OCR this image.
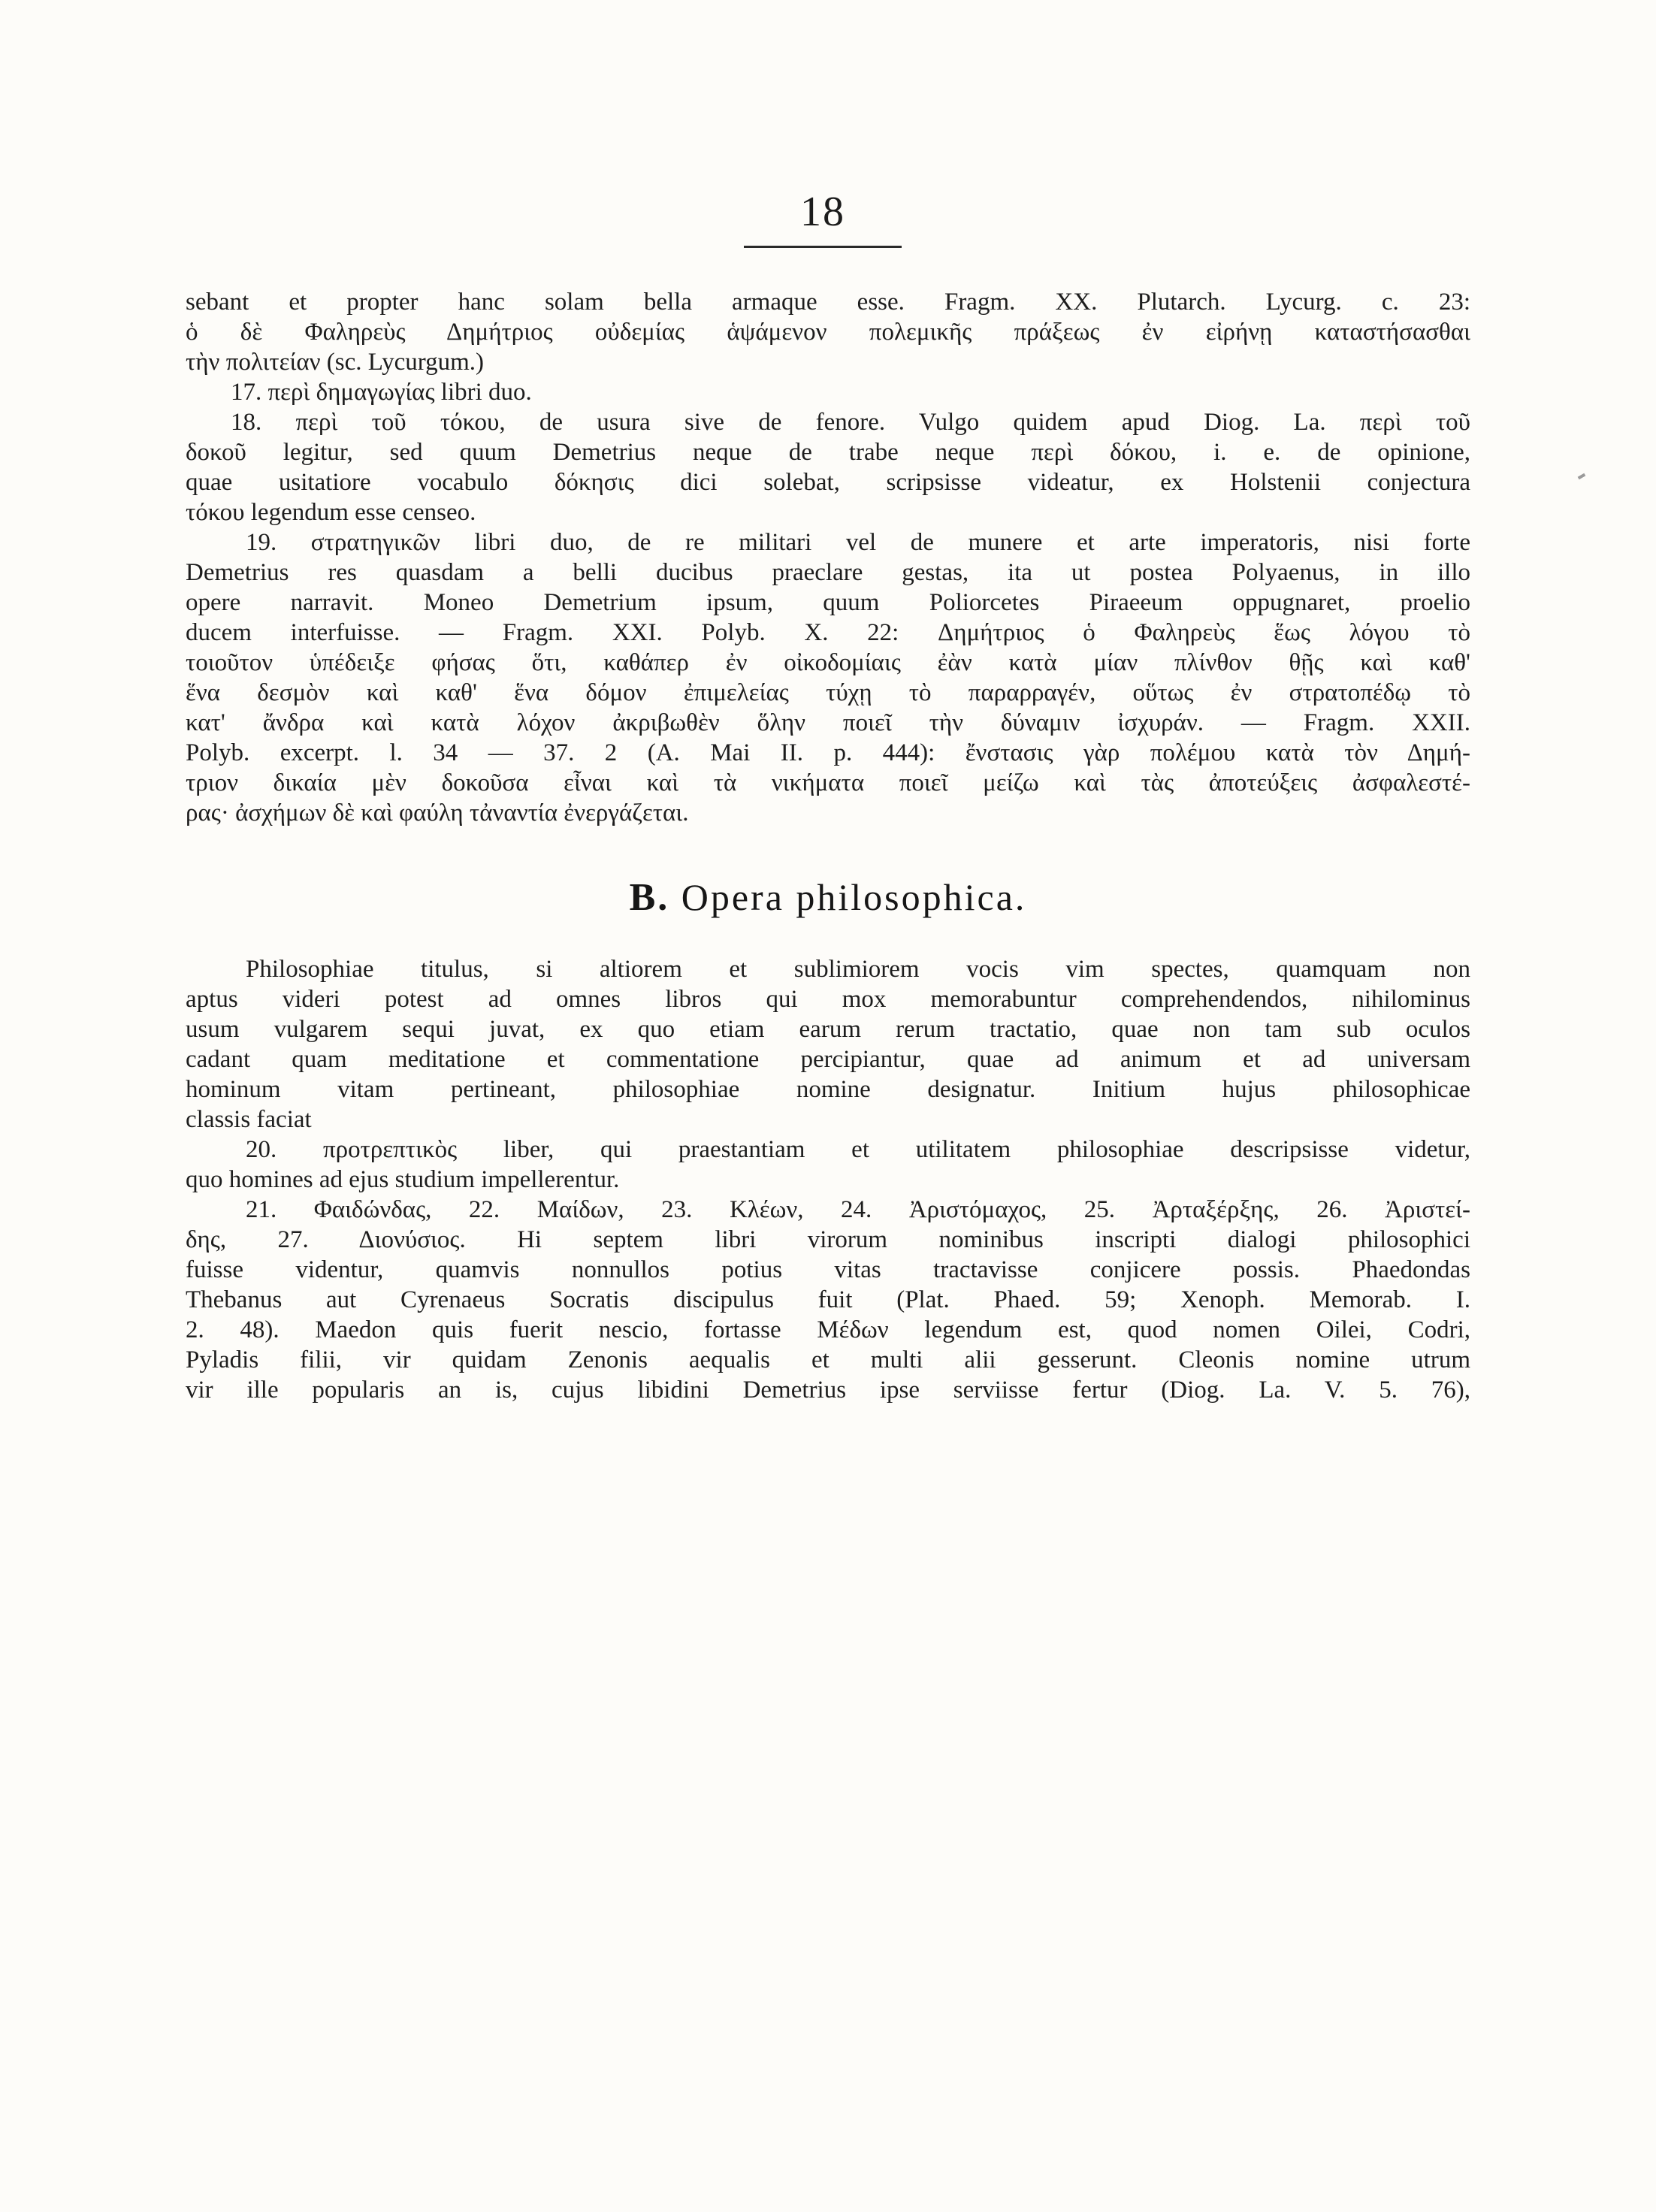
18
sebant et propter hanc solam bella armaque esse. Fragm. XX. Plutarch. Lycurg. c. 23:
ὁ δὲ Φαληρεὺς Δημήτριος οὐδεμίας ἁψάμενον πολεμικῆς πράξεως ἐν εἰρήνῃ καταστήσασθαι
τὴν πολιτείαν (sc. Lycurgum.)
17. περὶ δημαγωγίας libri duo.
18. περὶ τοῦ τόκου, de usura sive de fenore. Vulgo quidem apud Diog. La. περὶ τοῦ
δοκοῦ legitur, sed quum Demetrius neque de trabe neque περὶ δόκου, i. e. de opinione,
quae usitatiore vocabulo δόκησις dici solebat, scripsisse videatur, ex Holstenii conjectura
τόκου legendum esse censeo.
19. στρατηγικῶν libri duo, de re militari vel de munere et arte imperatoris, nisi forte
Demetrius res quasdam a belli ducibus praeclare gestas, ita ut postea Polyaenus, in illo
opere narravit. Moneo Demetrium ipsum, quum Poliorcetes Piraeeum oppugnaret, proelio
ducem interfuisse. — Fragm. XXI. Polyb. X. 22: Δημήτριος ὁ Φαληρεὺς ἕως λόγου τὸ
τοιοῦτον ὑπέδειξε φήσας ὅτι, καθάπερ ἐν οἰκοδομίαις ἐὰν κατὰ μίαν πλίνθον θῇς καὶ καθ'
ἕνα δεσμὸν καὶ καθ' ἕνα δόμον ἐπιμελείας τύχῃ τὸ παραρραγέν, οὕτως ἐν στρατοπέδῳ τὸ
κατ' ἄνδρα καὶ κατὰ λόχον ἀκριβωθὲν ὅλην ποιεῖ τὴν δύναμιν ἰσχυράν. — Fragm. XXII.
Polyb. excerpt. l. 34 — 37. 2 (A. Mai II. p. 444): ἔνστασις γὰρ πολέμου κατὰ τὸν Δημή-
τριον δικαία μὲν δοκοῦσα εἶναι καὶ τὰ νικήματα ποιεῖ μείζω καὶ τὰς ἀποτεύξεις ἀσφαλεστέ-
ρας· ἀσχήμων δὲ καὶ φαύλη τἀναντία ἐνεργάζεται.
B. Opera philosophica.
Philosophiae titulus, si altiorem et sublimiorem vocis vim spectes, quamquam non
aptus videri potest ad omnes libros qui mox memorabuntur comprehendendos, nihilominus
usum vulgarem sequi juvat, ex quo etiam earum rerum tractatio, quae non tam sub oculos
cadant quam meditatione et commentatione percipiantur, quae ad animum et ad universam
hominum vitam pertineant, philosophiae nomine designatur. Initium hujus philosophicae
classis faciat
20. προτρεπτικὸς liber, qui praestantiam et utilitatem philosophiae descripsisse videtur,
quo homines ad ejus studium impellerentur.
21. Φαιδώνδας, 22. Μαίδων, 23. Κλέων, 24. Ἀριστόμαχος, 25. Ἀρταξέρξης, 26. Ἀριστεί-
δης, 27. Διονύσιος. Hi septem libri virorum nominibus inscripti dialogi philosophici
fuisse videntur, quamvis nonnullos potius vitas tractavisse conjicere possis. Phaedondas
Thebanus aut Cyrenaeus Socratis discipulus fuit (Plat. Phaed. 59; Xenoph. Memorab. I.
2. 48). Maedon quis fuerit nescio, fortasse Μέδων legendum est, quod nomen Oilei, Codri,
Pyladis filii, vir quidam Zenonis aequalis et multi alii gesserunt. Cleonis nomine utrum
vir ille popularis an is, cujus libidini Demetrius ipse serviisse fertur (Diog. La. V. 5. 76),
